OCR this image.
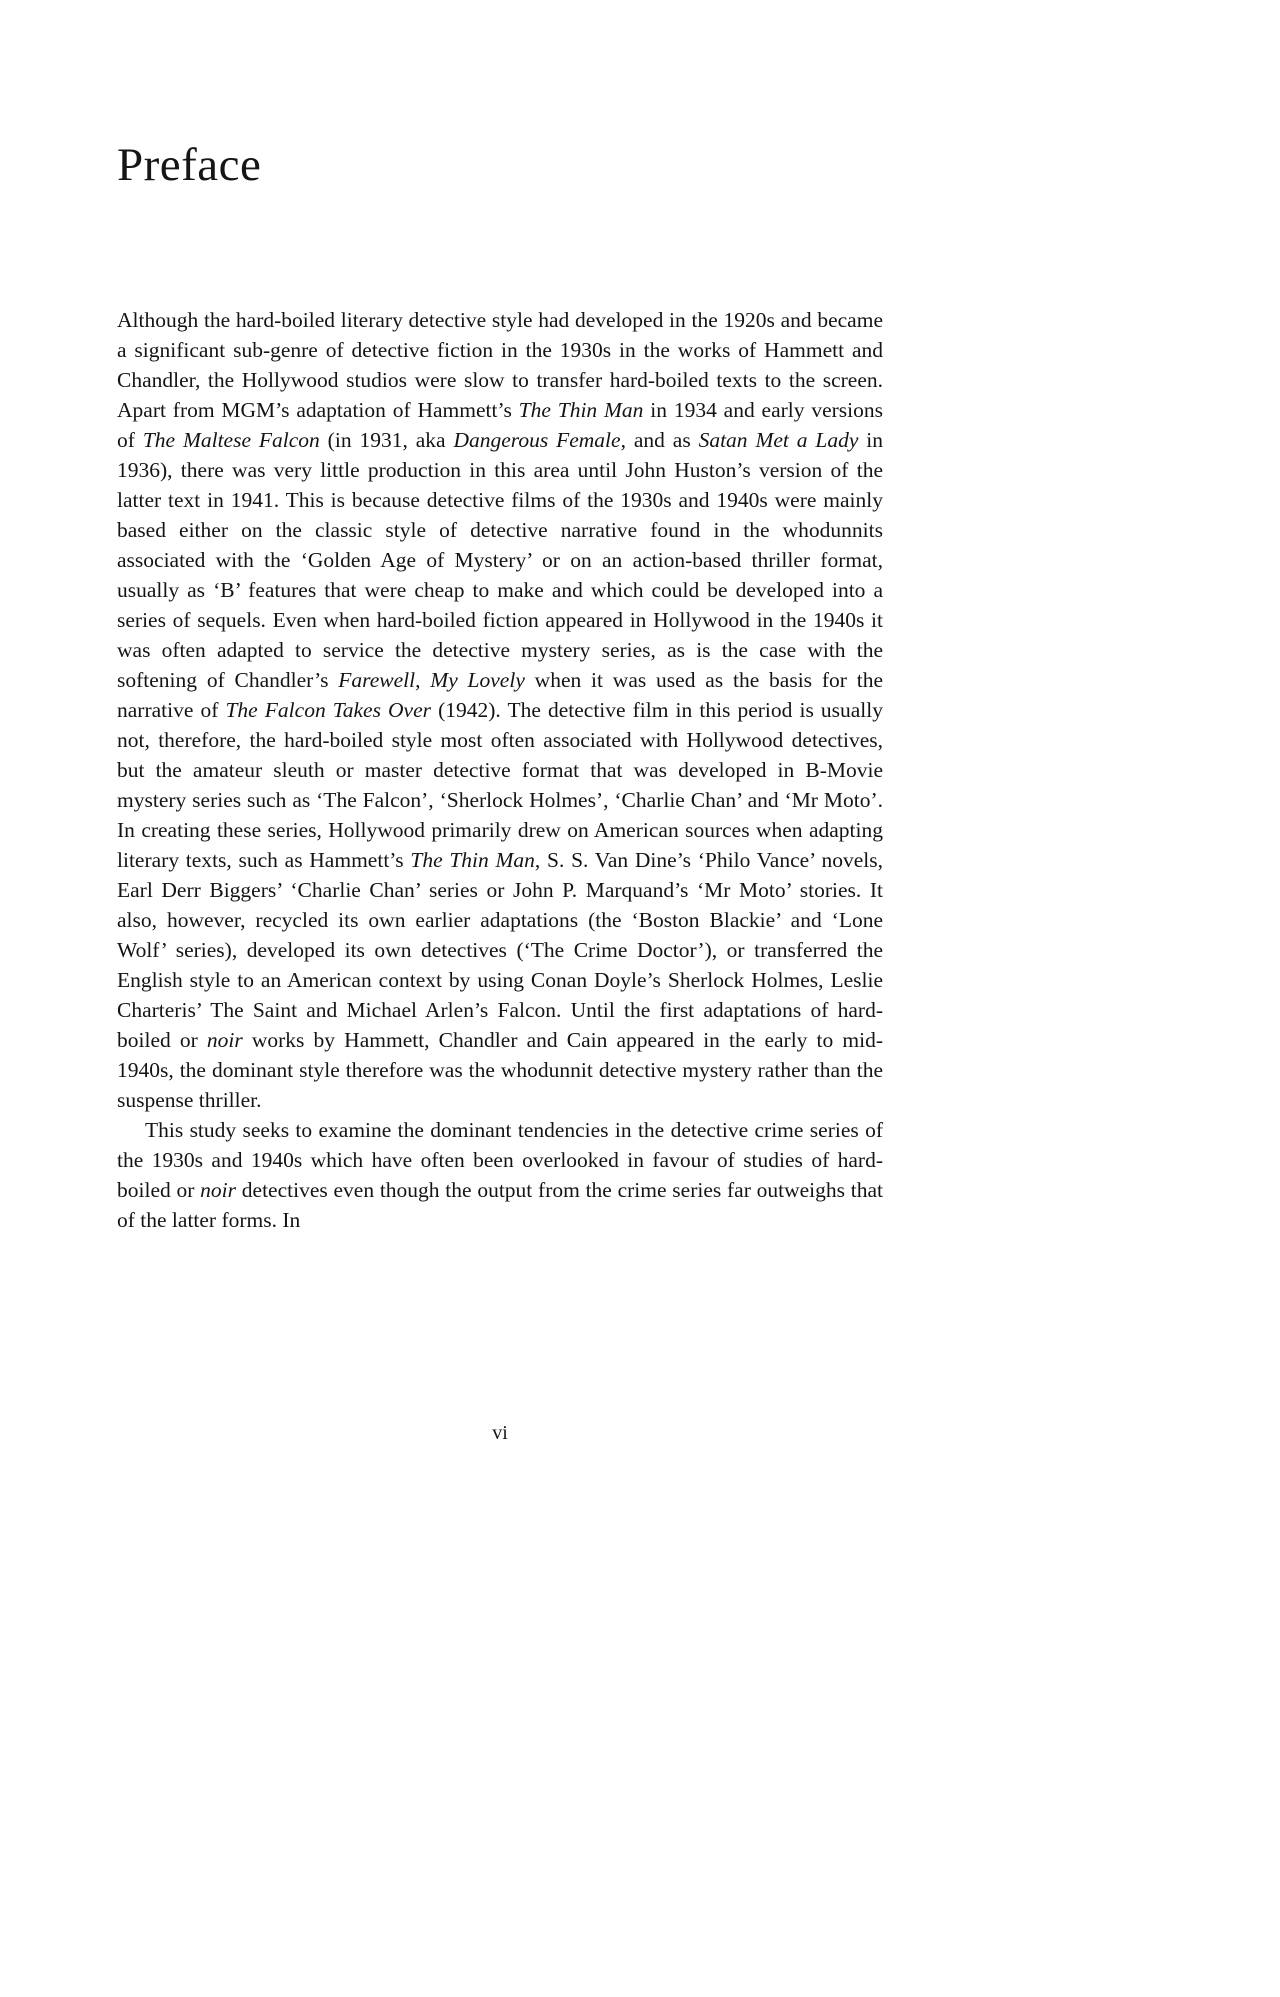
Preface

Although the hard-boiled literary detective style had developed in the 1920s and became a significant sub-genre of detective fiction in the 1930s in the works of Hammett and Chandler, the Hollywood studios were slow to transfer hard-boiled texts to the screen. Apart from MGM’s adaptation of Hammett’s The Thin Man in 1934 and early versions of The Maltese Falcon (in 1931, aka Dangerous Female, and as Satan Met a Lady in 1936), there was very little production in this area until John Huston’s version of the latter text in 1941. This is because detective films of the 1930s and 1940s were mainly based either on the classic style of detective narrative found in the whodunnits associated with the ‘Golden Age of Mystery’ or on an action-based thriller format, usually as ‘B’ features that were cheap to make and which could be developed into a series of sequels. Even when hard-boiled fiction appeared in Hollywood in the 1940s it was often adapted to service the detective mystery series, as is the case with the softening of Chandler’s Farewell, My Lovely when it was used as the basis for the narrative of The Falcon Takes Over (1942). The detective film in this period is usually not, therefore, the hard-boiled style most often associated with Hollywood detectives, but the amateur sleuth or master detective format that was developed in B-Movie mystery series such as ‘The Falcon’, ‘Sherlock Holmes’, ‘Charlie Chan’ and ‘Mr Moto’. In creating these series, Hollywood primarily drew on American sources when adapting literary texts, such as Hammett’s The Thin Man, S. S. Van Dine’s ‘Philo Vance’ novels, Earl Derr Biggers’ ‘Charlie Chan’ series or John P. Marquand’s ‘Mr Moto’ stories. It also, however, recycled its own earlier adaptations (the ‘Boston Blackie’ and ‘Lone Wolf’ series), developed its own detectives (‘The Crime Doctor’), or transferred the English style to an American context by using Conan Doyle’s Sherlock Holmes, Leslie Charteris’ The Saint and Michael Arlen’s Falcon. Until the first adaptations of hard-boiled or noir works by Hammett, Chandler and Cain appeared in the early to mid-1940s, the dominant style therefore was the whodunnit detective mystery rather than the suspense thriller.

This study seeks to examine the dominant tendencies in the detective crime series of the 1930s and 1940s which have often been overlooked in favour of studies of hard-boiled or noir detectives even though the output from the crime series far outweighs that of the latter forms. In

vi
